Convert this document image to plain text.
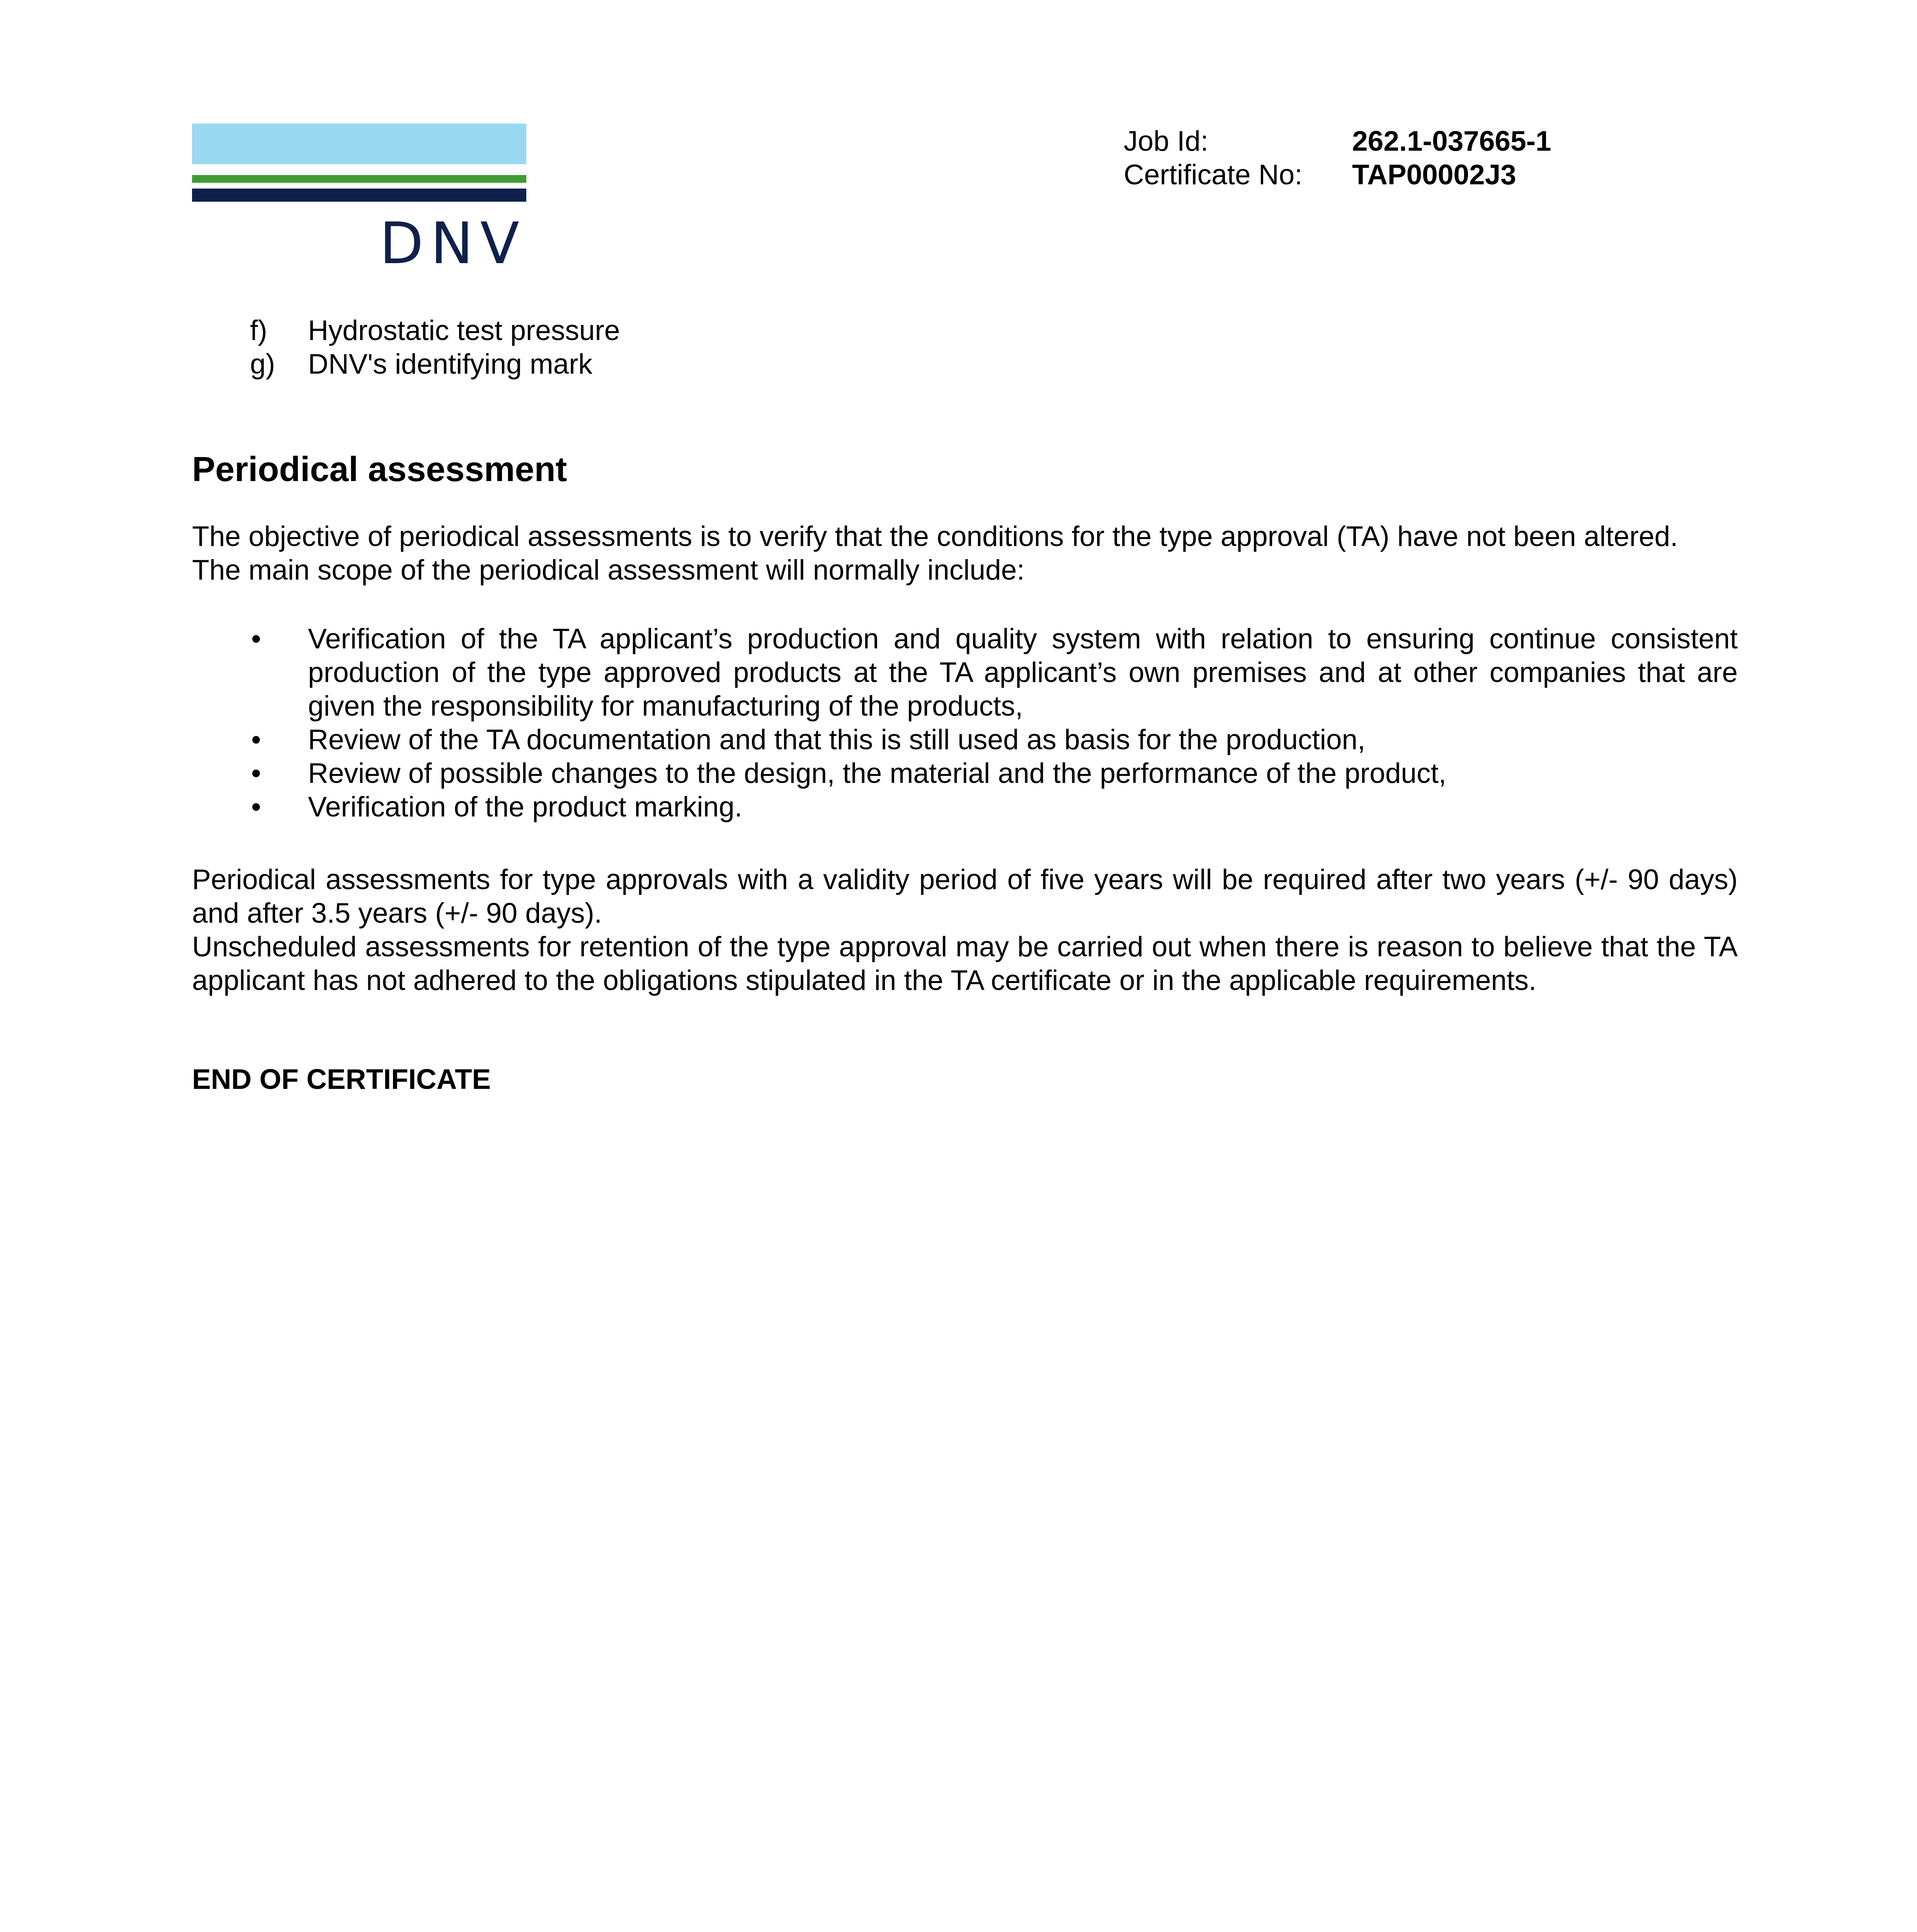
DNV
Job Id:	262.1-037665-1
Certificate No:	TAP00002J3
f)	Hydrostatic test pressure
g)	DNV's identifying mark
Periodical assessment
The objective of periodical assessments is to verify that the conditions for the type approval (TA) have not been altered.
The main scope of the periodical assessment will normally include:
• Verification of the TA applicant’s production and quality system with relation to ensuring continue consistent production of the type approved products at the TA applicant’s own premises and at other companies that are given the responsibility for manufacturing of the products,
• Review of the TA documentation and that this is still used as basis for the production,
• Review of possible changes to the design, the material and the performance of the product,
• Verification of the product marking.

Periodical assessments for type approvals with a validity period of five years will be required after two years (+/- 90 days) and after 3.5 years (+/- 90 days).

Unscheduled assessments for retention of the type approval may be carried out when there is reason to believe that the TA applicant has not adhered to the obligations stipulated in the TA certificate or in the applicable requirements.

END OF CERTIFICATE
